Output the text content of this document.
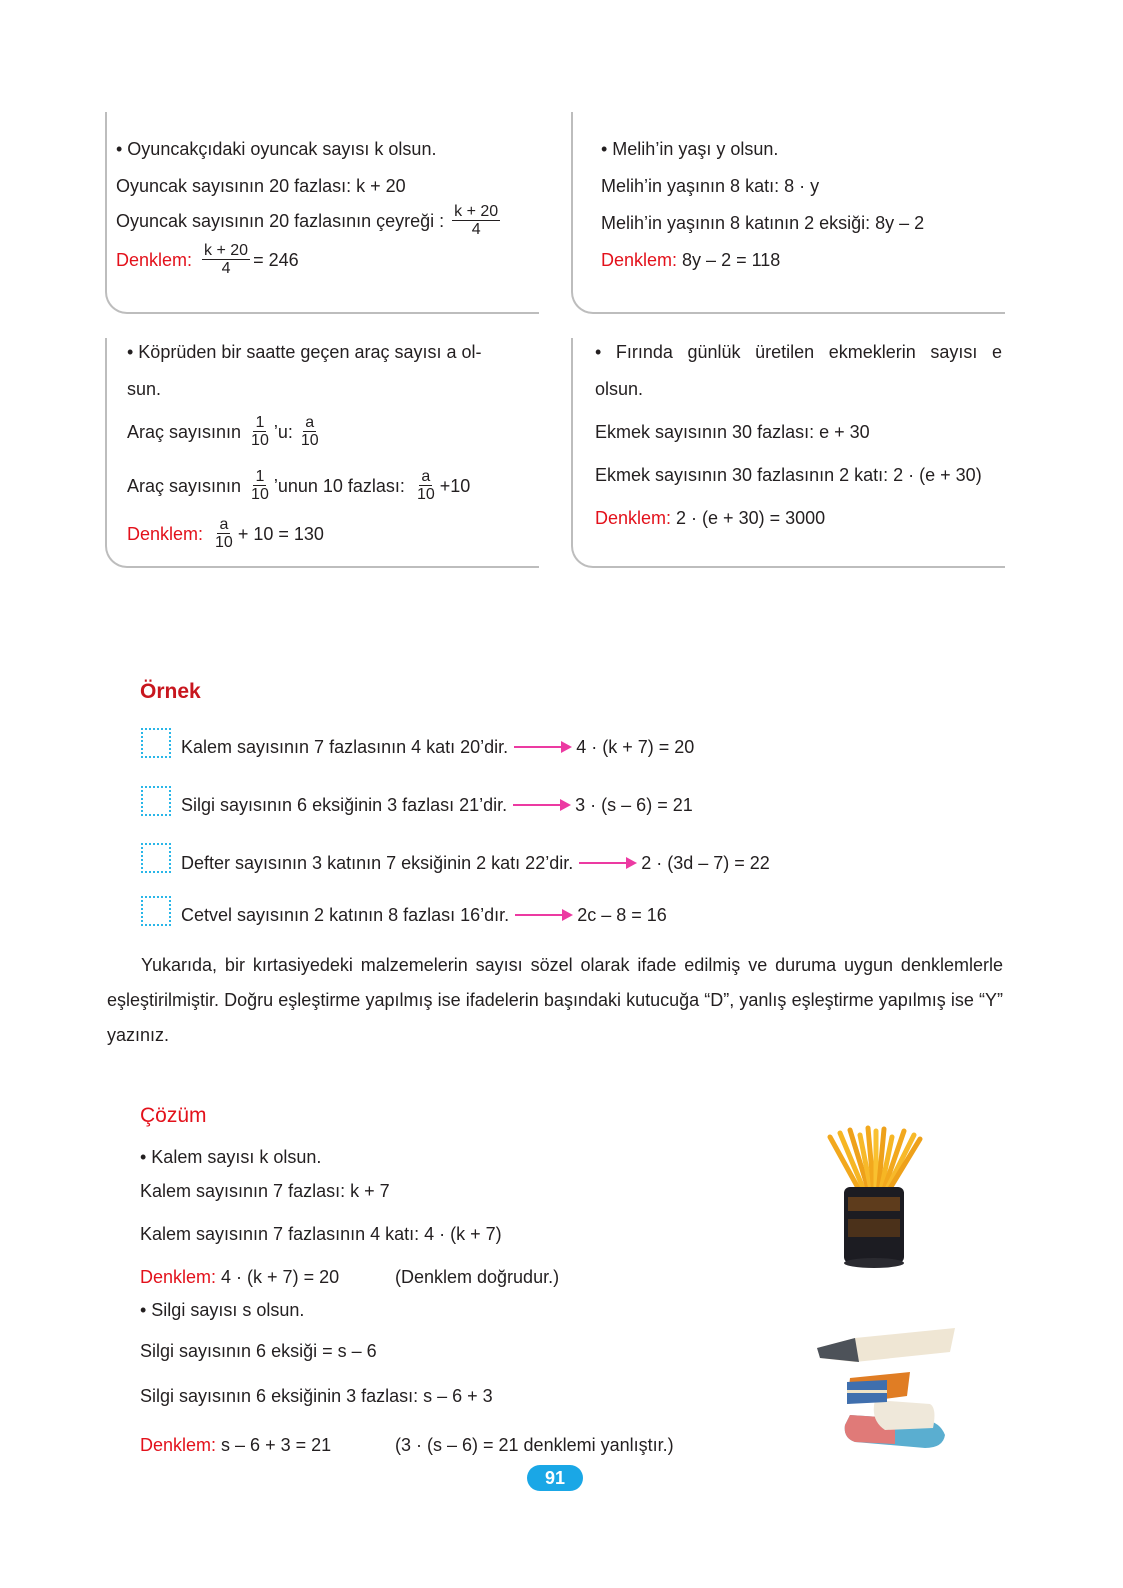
• Oyuncakçıdaki oyuncak sayısı k olsun.
Oyuncak sayısının 20 fazlası: k + 20
Oyuncak sayısının 20 fazlasının çeyreği : $\frac{k + 20}{4}$
Denklem: $\frac{k + 20}{4} = 246$
• Melih’in yaşı y olsun.
Melih’in yaşının 8 katı: 8 · y
Melih’in yaşının 8 katının 2 eksiği: 8y – 2
Denklem: 8y – 2 = 118
• Köprüden bir saatte geçen araç sayısı a ol-
sun.
Araç sayısının $\frac{1}{10}$ ’u: $\frac{a}{10}$
Araç sayısının $\frac{1}{10}$ ’unun 10 fazlası: $\frac{a}{10} +10$
Denklem: $\frac{a}{10} + 10 = 130$
• Fırında günlük üretilen ekmeklerin sayısı e
olsun.
Ekmek sayısının 30 fazlası: e + 30
Ekmek sayısının 30 fazlasının 2 katı: 2 · (e + 30)
Denklem: 2 · (e + 30) = 3000
Örnek
Kalem sayısının 7 fazlasının 4 katı 20’dir.	4 · (k + 7) = 20
Silgi sayısının 6 eksiğinin 3 fazlası 21’dir.	3 · (s – 6) = 21
Defter sayısının 3 katının 7 eksiğinin 2 katı 22’dir.	2 · (3d – 7) = 22
Cetvel sayısının 2 katının 8 fazlası 16’dır.	2c – 8 = 16
Yukarıda, bir kırtasiyedeki malzemelerin sayısı sözel olarak ifade edilmiş ve duruma uygun denklemlerle eşleştirilmiştir. Doğru eşleştirme yapılmış ise ifadelerin başındaki kutucuğa “D”, yanlış eşleştirme yapılmış ise “Y” yazınız.
Çözüm
• Kalem sayısı k olsun.
Kalem sayısının 7 fazlası: k + 7
Kalem sayısının 7 fazlasının 4 katı: 4 · (k + 7)
Denklem: 4 · (k + 7) = 20	(Denklem doğrudur.)
• Silgi sayısı s olsun.
Silgi sayısının 6 eksiği = s – 6
Silgi sayısının 6 eksiğinin 3 fazlası: s – 6 + 3
Denklem: s – 6 + 3 = 21	(3 · (s – 6) = 21 denklemi yanlıştır.)
91
